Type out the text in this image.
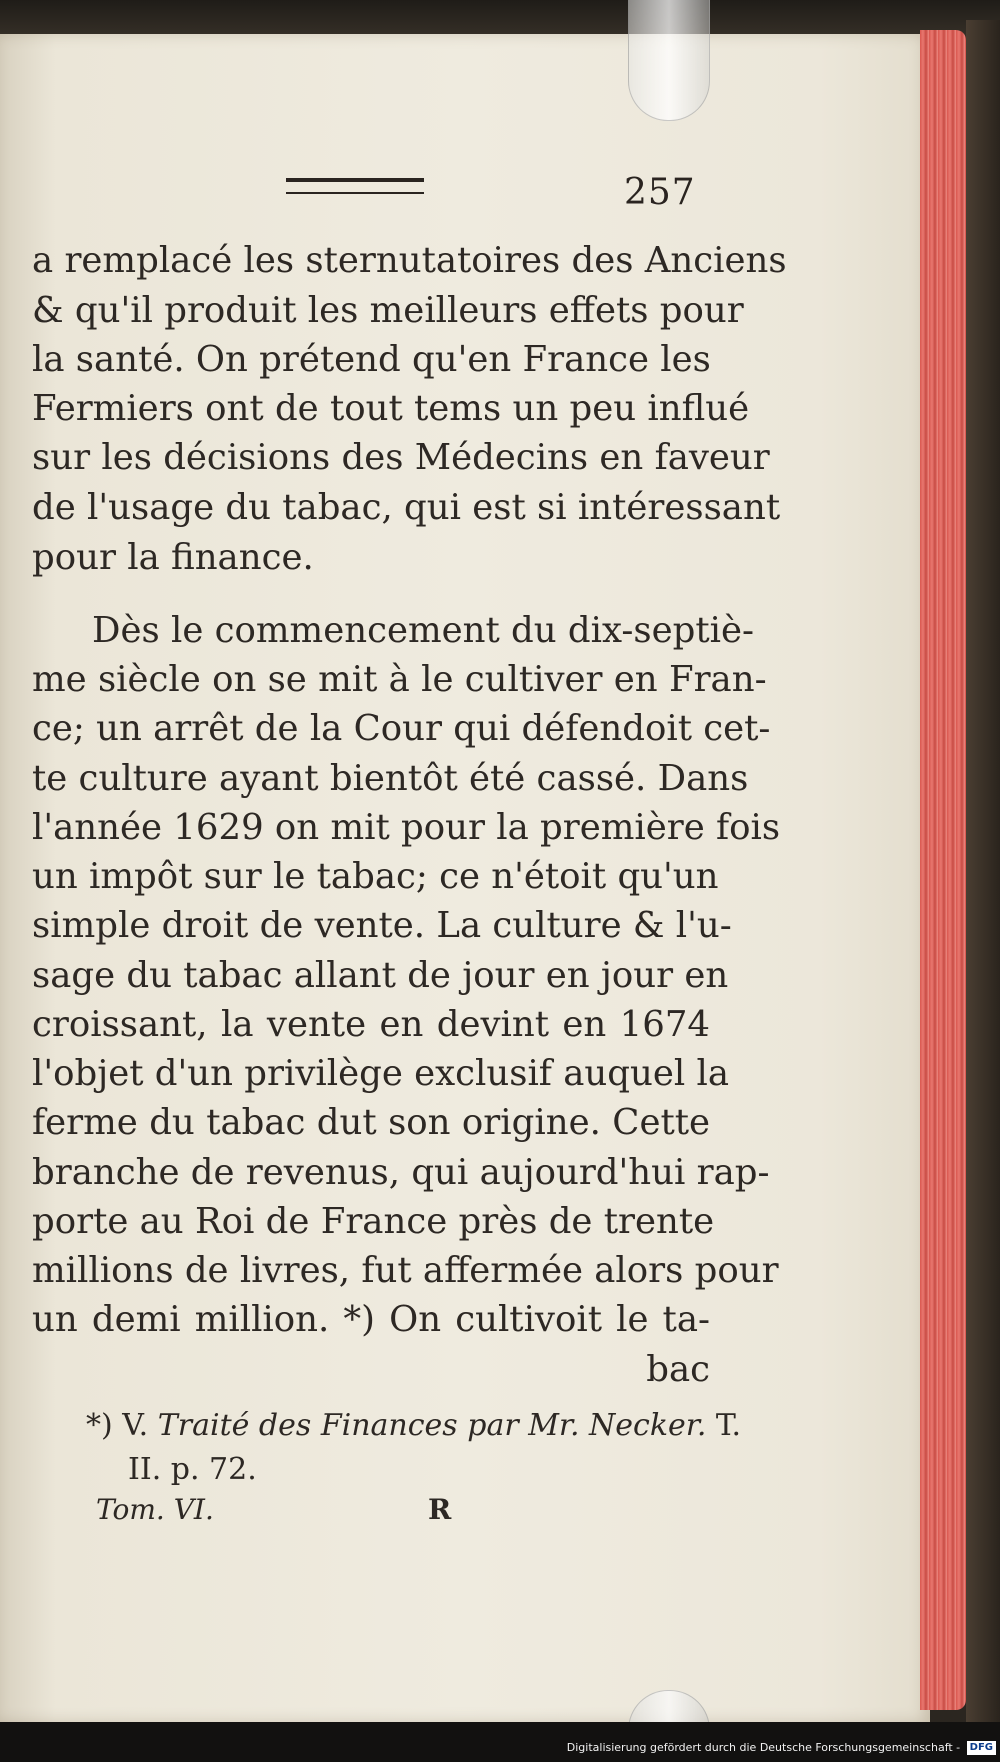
257
a remplacé les sternutatoires des Anciens
& qu'il produit les meilleurs effets pour
la santé. On prétend qu'en France les
Fermiers ont de tout tems un peu influé
sur les décisions des Médecins en faveur
de l'usage du tabac, qui est si intéressant
pour la finance.
Dès le commencement du dix-septiè-
me siècle on se mit à le cultiver en Fran-
ce; un arrêt de la Cour qui défendoit cet-
te culture ayant bientôt été cassé. Dans
l'année 1629 on mit pour la première fois
un impôt sur le tabac; ce n'étoit qu'un
simple droit de vente. La culture & l'u-
sage du tabac allant de jour en jour en
croissant, la vente en devint en 1674
l'objet d'un privilège exclusif auquel la
ferme du tabac dut son origine. Cette
branche de revenus, qui aujourd'hui rap-
porte au Roi de France près de trente
millions de livres, fut affermée alors pour
un demi million. *) On cultivoit le ta-
bac
*) V. Traité des Finances par Mr. Necker. T.
II. p. 72.
Tom. VI.	R
Digitalisierung gefördert durch die Deutsche Forschungsgemeinschaft - DFG
